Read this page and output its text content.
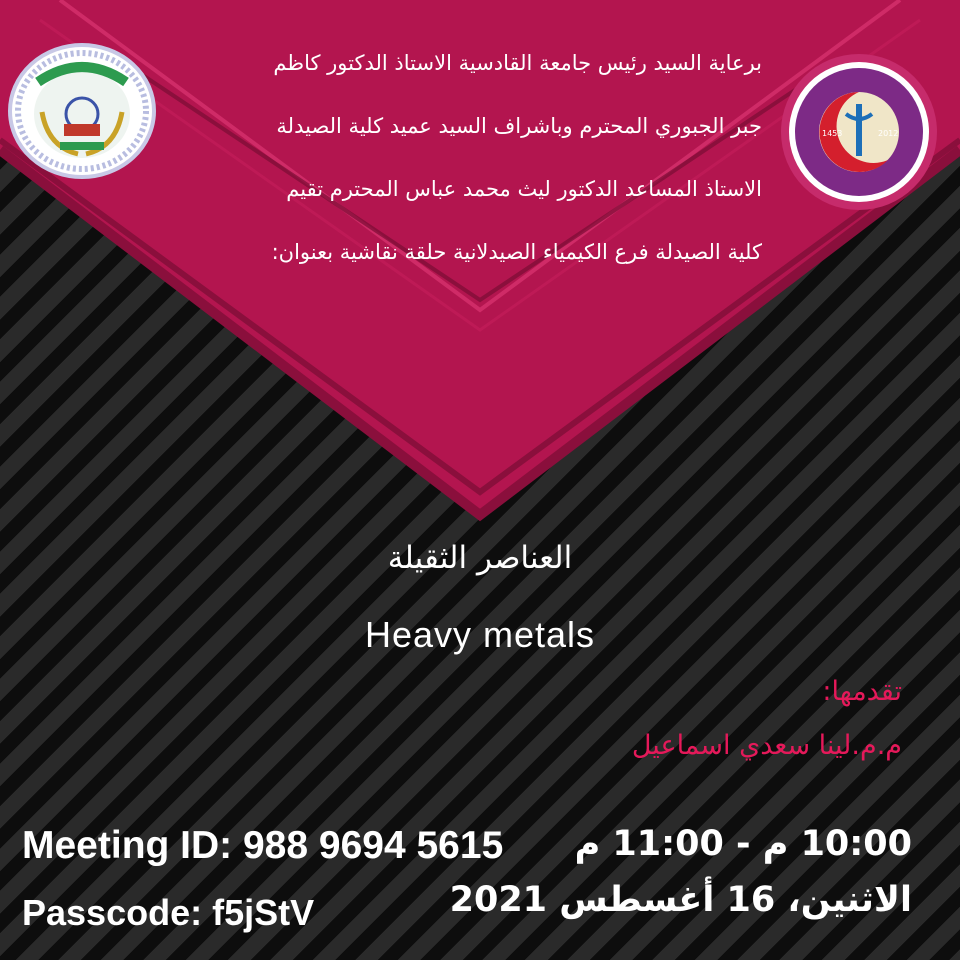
1453	2012
برعاية السيد رئيس جامعة القادسية الاستاذ الدكتور كاظم
جبر الجبوري المحترم وباشراف السيد عميد كلية الصيدلة
الاستاذ المساعد الدكتور ليث محمد عباس المحترم تقيم
كلية الصيدلة فرع الكيمياء الصيدلانية حلقة نقاشية بعنوان:
العناصر الثقيلة
Heavy metals
تقدمها:
م.م.لينا سعدي اسماعيل
Meeting ID: 988 9694 5615
Passcode: f5jStV
10:00 م - 11:00 م
الاثنين، 16 أغسطس 2021
